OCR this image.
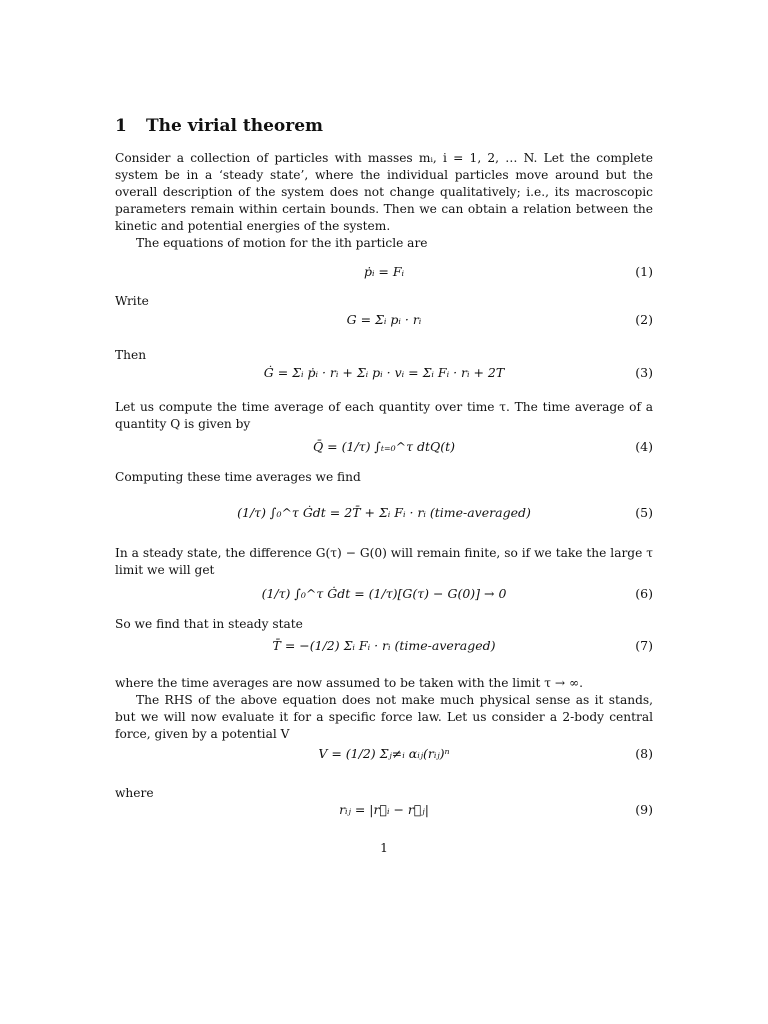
1 The virial theorem
Consider a collection of particles with masses mᵢ, i = 1, 2, … N. Let the complete system be in a ‘steady state’, where the individual particles move around but the overall description of the system does not change qualitatively; i.e., its macroscopic parameters remain within certain bounds. Then we can obtain a relation between the kinetic and potential energies of the system.
The equations of motion for the ith particle are
ṗᵢ = Fᵢ	(1)
Write
G = Σᵢ pᵢ · rᵢ	(2)
Then
Ġ = Σᵢ ṗᵢ · rᵢ + Σᵢ pᵢ · vᵢ = Σᵢ Fᵢ · rᵢ + 2T	(3)
Let us compute the time average of each quantity over time τ. The time average of a quantity Q is given by
Q̄ = (1/τ) ∫ₜ₌₀^τ dtQ(t)	(4)
Computing these time averages we find
(1/τ) ∫₀^τ Ġdt = 2T̄ + Σᵢ Fᵢ · rᵢ (time-averaged)	(5)
In a steady state, the difference G(τ) − G(0) will remain finite, so if we take the large τ limit we will get
(1/τ) ∫₀^τ Ġdt = (1/τ)[G(τ) − G(0)] → 0	(6)
So we find that in steady state
T̄ = −(1/2) Σᵢ Fᵢ · rᵢ (time-averaged)	(7)
where the time averages are now assumed to be taken with the limit τ → ∞.
The RHS of the above equation does not make much physical sense as it stands, but we will now evaluate it for a specific force law. Let us consider a 2-body central force, given by a potential V
V = (1/2) Σⱼ≠ᵢ αᵢⱼ(rᵢⱼ)ⁿ	(8)
where
rᵢⱼ = |r⃗ᵢ − r⃗ⱼ|	(9)
1
